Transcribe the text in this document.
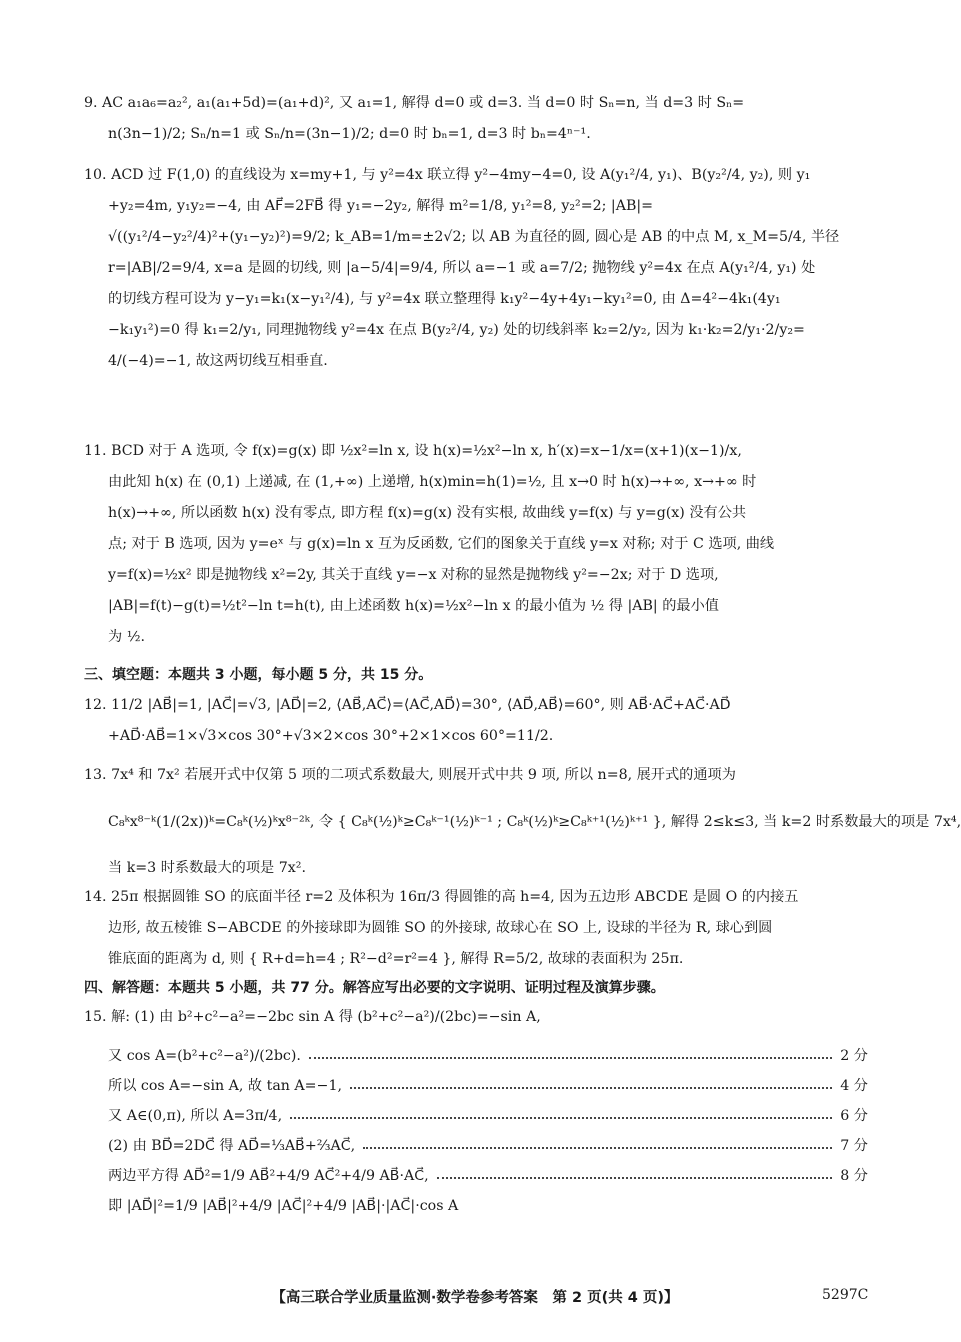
9. AC a₁a₆=a₂², a₁(a₁+5d)=(a₁+d)², 又 a₁=1, 解得 d=0 或 d=3. 当 d=0 时 Sₙ=n, 当 d=3 时 Sₙ=
n(3n−1)/2; Sₙ/n=1 或 Sₙ/n=(3n−1)/2; d=0 时 bₙ=1, d=3 时 bₙ=4ⁿ⁻¹.
10. ACD 过 F(1,0) 的直线设为 x=my+1, 与 y²=4x 联立得 y²−4my−4=0, 设 A(y₁²/4, y₁)、B(y₂²/4, y₂), 则 y₁
+y₂=4m, y₁y₂=−4, 由 AF⃗=2FB⃗ 得 y₁=−2y₂, 解得 m²=1/8, y₁²=8, y₂²=2; |AB|=
√((y₁²/4−y₂²/4)²+(y₁−y₂)²)=9/2; k_AB=1/m=±2√2; 以 AB 为直径的圆, 圆心是 AB 的中点 M, x_M=5/4, 半径
r=|AB|/2=9/4, x=a 是圆的切线, 则 |a−5/4|=9/4, 所以 a=−1 或 a=7/2; 抛物线 y²=4x 在点 A(y₁²/4, y₁) 处
的切线方程可设为 y−y₁=k₁(x−y₁²/4), 与 y²=4x 联立整理得 k₁y²−4y+4y₁−ky₁²=0, 由 Δ=4²−4k₁(4y₁
−k₁y₁²)=0 得 k₁=2/y₁, 同理抛物线 y²=4x 在点 B(y₂²/4, y₂) 处的切线斜率 k₂=2/y₂, 因为 k₁·k₂=2/y₁·2/y₂=
4/(−4)=−1, 故这两切线互相垂直.
11. BCD 对于 A 选项, 令 f(x)=g(x) 即 ½x²=ln x, 设 h(x)=½x²−ln x, h′(x)=x−1/x=(x+1)(x−1)/x,
由此知 h(x) 在 (0,1) 上递减, 在 (1,+∞) 上递增, h(x)min=h(1)=½, 且 x→0 时 h(x)→+∞, x→+∞ 时
h(x)→+∞, 所以函数 h(x) 没有零点, 即方程 f(x)=g(x) 没有实根, 故曲线 y=f(x) 与 y=g(x) 没有公共
点; 对于 B 选项, 因为 y=eˣ 与 g(x)=ln x 互为反函数, 它们的图象关于直线 y=x 对称; 对于 C 选项, 曲线
y=f(x)=½x² 即是抛物线 x²=2y, 其关于直线 y=−x 对称的显然是抛物线 y²=−2x; 对于 D 选项,
|AB|=f(t)−g(t)=½t²−ln t=h(t), 由上述函数 h(x)=½x²−ln x 的最小值为 ½ 得 |AB| 的最小值
为 ½.
三、填空题：本题共 3 小题，每小题 5 分，共 15 分。
12. 11/2 |AB⃗|=1, |AC⃗|=√3, |AD⃗|=2, ⟨AB⃗,AC⃗⟩=⟨AC⃗,AD⃗⟩=30°, ⟨AD⃗,AB⃗⟩=60°, 则 AB⃗·AC⃗+AC⃗·AD⃗
+AD⃗·AB⃗=1×√3×cos 30°+√3×2×cos 30°+2×1×cos 60°=11/2.
13. 7x⁴ 和 7x² 若展开式中仅第 5 项的二项式系数最大, 则展开式中共 9 项, 所以 n=8, 展开式的通项为
C₈ᵏx⁸⁻ᵏ(1/(2x))ᵏ=C₈ᵏ(½)ᵏx⁸⁻²ᵏ, 令 { C₈ᵏ(½)ᵏ≥C₈ᵏ⁻¹(½)ᵏ⁻¹ ; C₈ᵏ(½)ᵏ≥C₈ᵏ⁺¹(½)ᵏ⁺¹ }, 解得 2≤k≤3, 当 k=2 时系数最大的项是 7x⁴,
当 k=3 时系数最大的项是 7x².
14. 25π 根据圆锥 SO 的底面半径 r=2 及体积为 16π/3 得圆锥的高 h=4, 因为五边形 ABCDE 是圆 O 的内接五
边形, 故五棱锥 S−ABCDE 的外接球即为圆锥 SO 的外接球, 故球心在 SO 上, 设球的半径为 R, 球心到圆
锥底面的距离为 d, 则 { R+d=h=4 ; R²−d²=r²=4 }, 解得 R=5/2, 故球的表面积为 25π.
四、解答题：本题共 5 小题，共 77 分。解答应写出必要的文字说明、证明过程及演算步骤。
15. 解: (1) 由 b²+c²−a²=−2bc sin A 得 (b²+c²−a²)/(2bc)=−sin A,
又 cos A=(b²+c²−a²)/(2bc).	2 分
所以 cos A=−sin A, 故 tan A=−1,	4 分
又 A∈(0,π), 所以 A=3π/4,	6 分
(2) 由 BD⃗=2DC⃗ 得 AD⃗=⅓AB⃗+⅔AC⃗,	7 分
两边平方得 AD⃗²=1/9 AB⃗²+4/9 AC⃗²+4/9 AB⃗·AC⃗,	8 分
即 |AD⃗|²=1/9 |AB⃗|²+4/9 |AC⃗|²+4/9 |AB⃗|·|AC⃗|·cos A
【高三联合学业质量监测·数学卷参考答案　第 2 页(共 4 页)】	5297C
